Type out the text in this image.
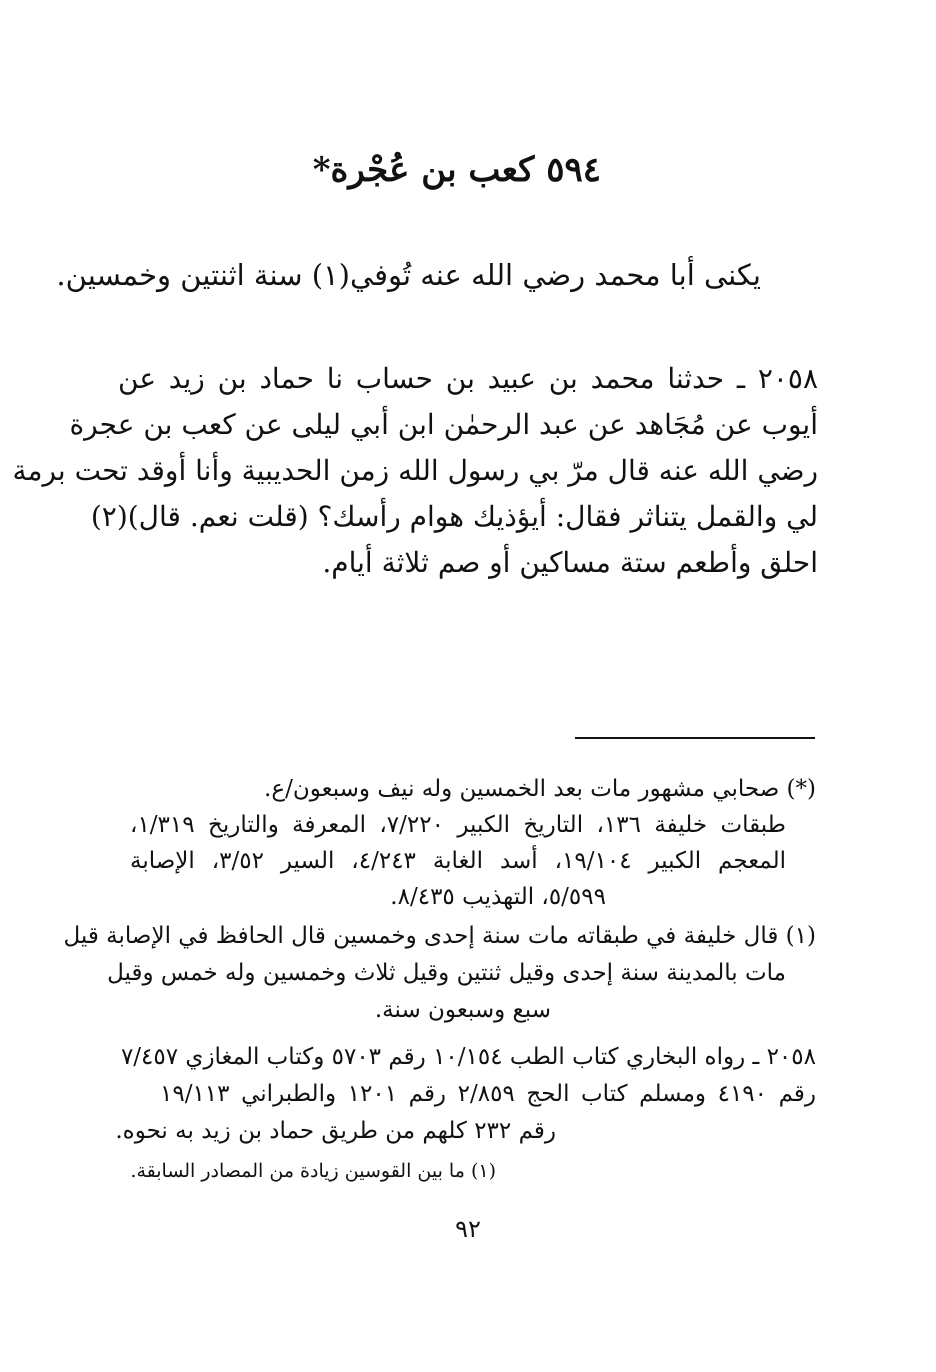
٥٩٤ كعب بن عُجْرة*
يكنى أبا محمد رضي الله عنه تُوفي(١) سنة اثنتين وخمسين.
٢٠٥٨ ـ حدثنا محمد بن عبيد بن حساب نا حماد بن زيد عن
أيوب عن مُجَاهد عن عبد الرحمٰن ابن أبي ليلى عن كعب بن عجرة
رضي الله عنه قال مرّ بي رسول الله زمن الحديبية وأنا أوقد تحت برمة
لي والقمل يتناثر فقال: أيؤذيك هوام رأسك؟ (قلت نعم. قال)(٢)
احلق وأطعم ستة مساكين أو صم ثلاثة أيام.
(*) صحابي مشهور مات بعد الخمسين وله نيف وسبعون/ع.
طبقات خليفة ١٣٦، التاريخ الكبير ٧/٢٢٠، المعرفة والتاريخ ١/٣١٩،
المعجم الكبير ١٩/١٠٤، أسد الغابة ٤/٢٤٣، السير ٣/٥٢، الإصابة
٥/٥٩٩، التهذيب ٨/٤٣٥.
(١) قال خليفة في طبقاته مات سنة إحدى وخمسين قال الحافظ في الإصابة قيل
مات بالمدينة سنة إحدى وقيل ثنتين وقيل ثلاث وخمسين وله خمس وقيل
سبع وسبعون سنة.
٢٠٥٨ ـ رواه البخاري كتاب الطب ١٠/١٥٤ رقم ٥٧٠٣ وكتاب المغازي ٧/٤٥٧
رقم ٤١٩٠ ومسلم كتاب الحج ٢/٨٥٩ رقم ١٢٠١ والطبراني ١٩/١١٣
رقم ٢٣٢ كلهم من طريق حماد بن زيد به نحوه.
(١) ما بين القوسين زيادة من المصادر السابقة.
٩٢
